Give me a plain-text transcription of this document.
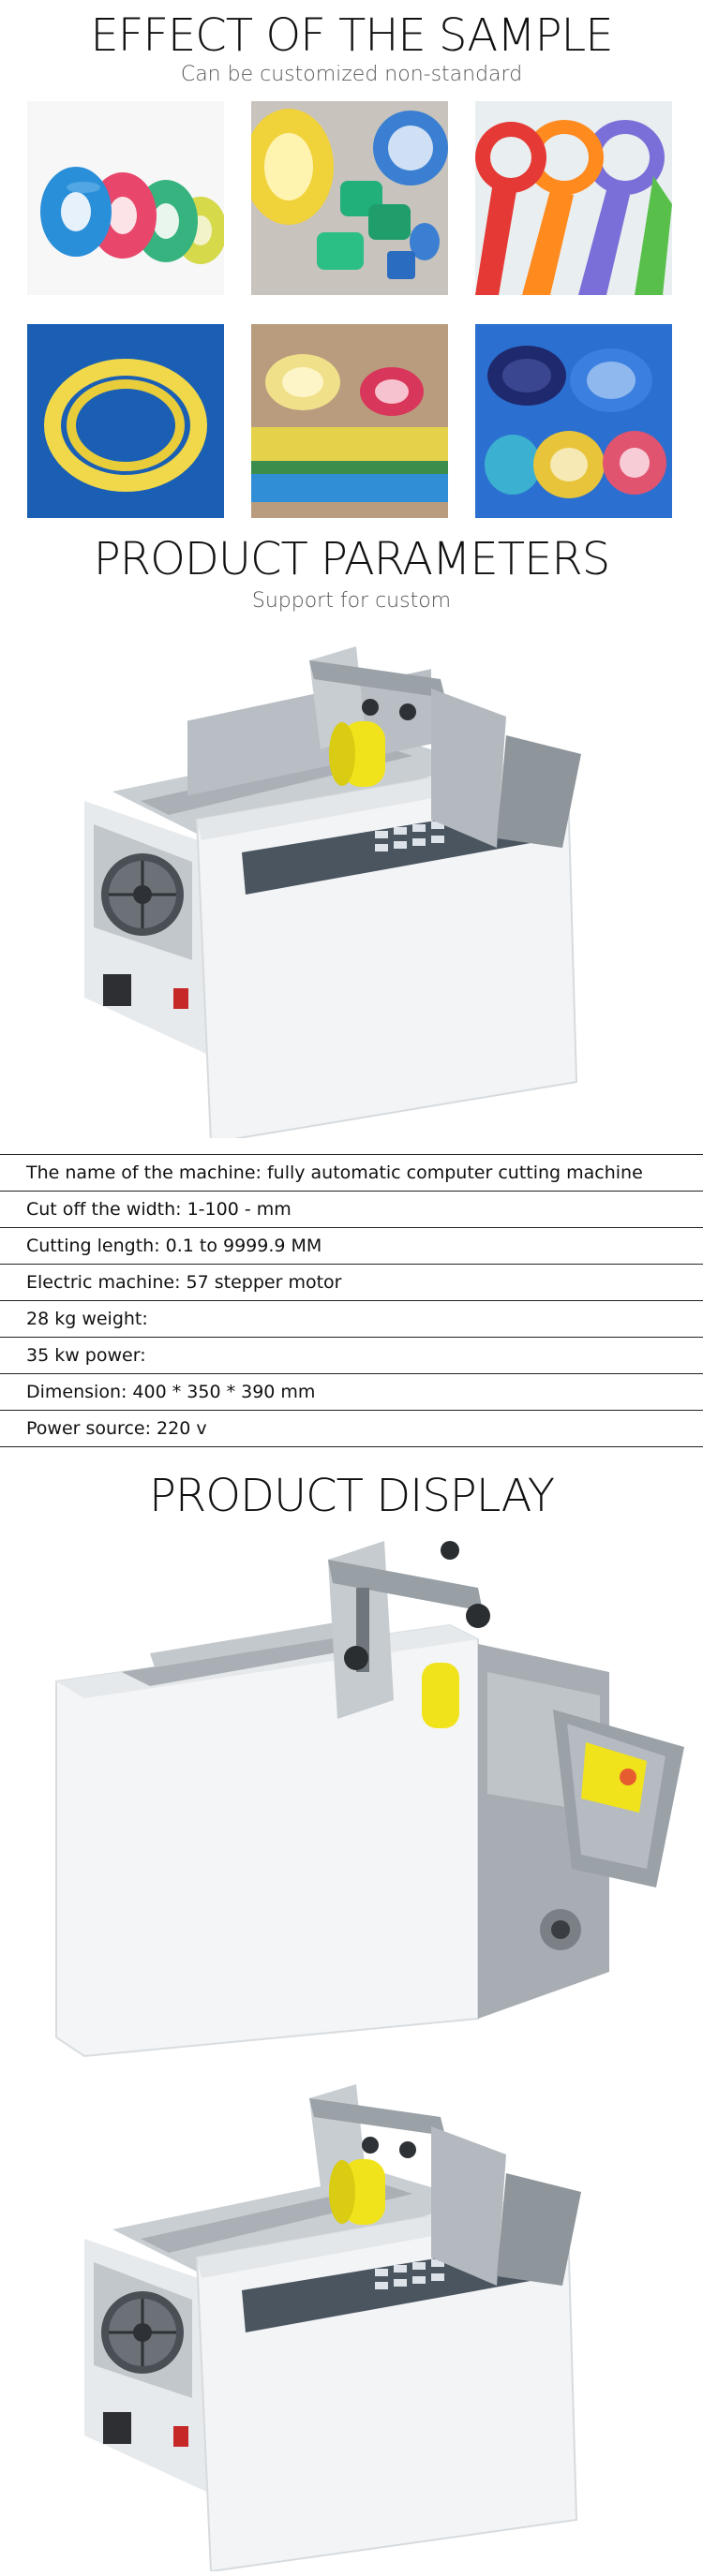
EFFECT OF THE SAMPLE
Can be customized non-standard
PRODUCT PARAMETERS
Support for custom
The name of the machine: fully automatic computer cutting machine
Cut off the width: 1-100 - mm
Cutting length: 0.1 to 9999.9 MM
Electric machine: 57 stepper motor
28 kg weight:
35 kw power:
Dimension: 400 * 350 * 390 mm
Power source: 220 v
PRODUCT DISPLAY
